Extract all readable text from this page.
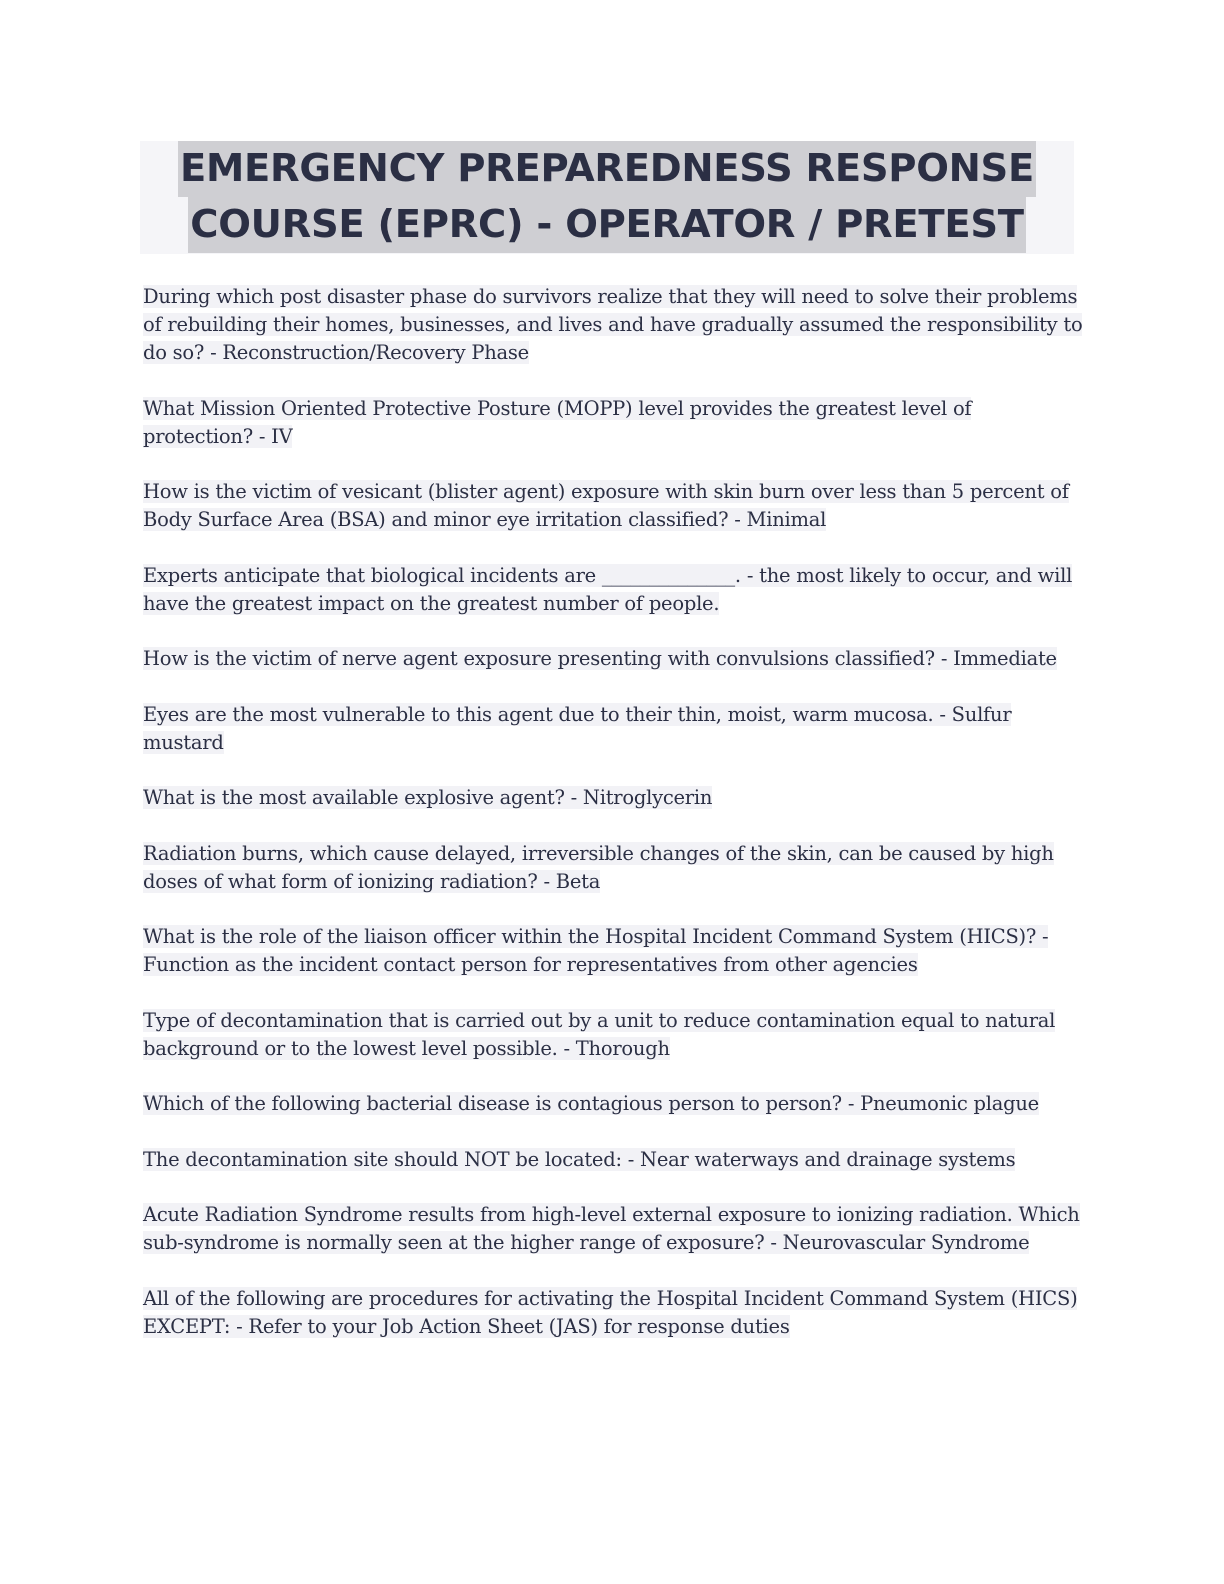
EMERGENCY PREPAREDNESS RESPONSE
COURSE (EPRC) - OPERATOR / PRETEST

During which post disaster phase do survivors realize that they will need to solve their problems of rebuilding their homes, businesses, and lives and have gradually assumed the responsibility to do so? - Reconstruction/Recovery Phase

What Mission Oriented Protective Posture (MOPP) level provides the greatest level of protection? - IV

How is the victim of vesicant (blister agent) exposure with skin burn over less than 5 percent of Body Surface Area (BSA) and minor eye irritation classified? - Minimal

Experts anticipate that biological incidents are ______________. - the most likely to occur, and will have the greatest impact on the greatest number of people.

How is the victim of nerve agent exposure presenting with convulsions classified? - Immediate

Eyes are the most vulnerable to this agent due to their thin, moist, warm mucosa. - Sulfur mustard

What is the most available explosive agent? - Nitroglycerin

Radiation burns, which cause delayed, irreversible changes of the skin, can be caused by high doses of what form of ionizing radiation? - Beta

What is the role of the liaison officer within the Hospital Incident Command System (HICS)? - Function as the incident contact person for representatives from other agencies

Type of decontamination that is carried out by a unit to reduce contamination equal to natural background or to the lowest level possible. - Thorough

Which of the following bacterial disease is contagious person to person? - Pneumonic plague

The decontamination site should NOT be located: - Near waterways and drainage systems

Acute Radiation Syndrome results from high-level external exposure to ionizing radiation. Which sub-syndrome is normally seen at the higher range of exposure? - Neurovascular Syndrome

All of the following are procedures for activating the Hospital Incident Command System (HICS) EXCEPT: - Refer to your Job Action Sheet (JAS) for response duties
